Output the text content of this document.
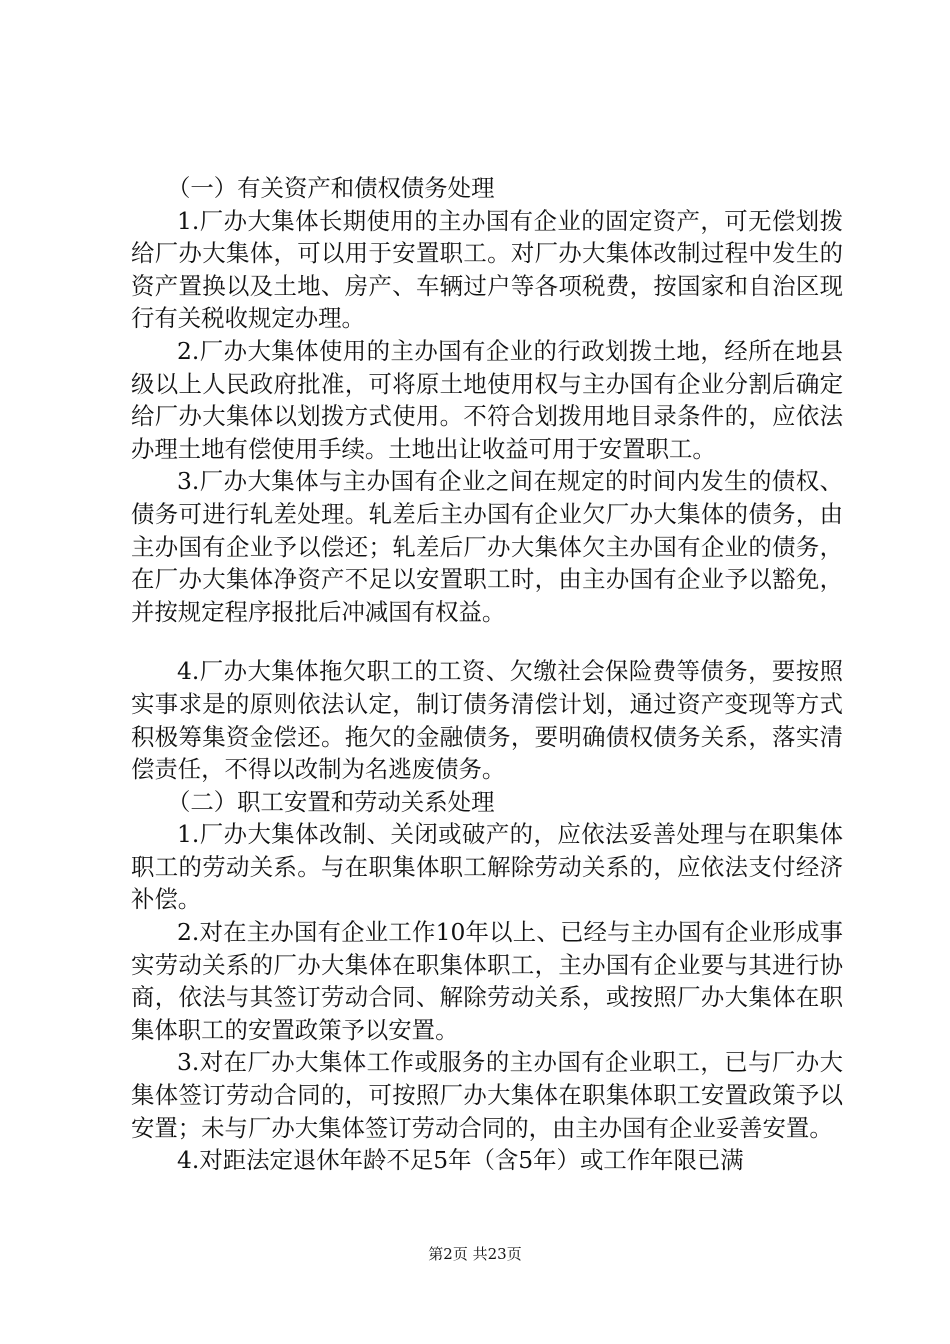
（一）有关资产和债权债务处理

1.厂办大集体长期使用的主办国有企业的固定资产，可无偿划拨给厂办大集体，可以用于安置职工。对厂办大集体改制过程中发生的资产置换以及土地、房产、车辆过户等各项税费，按国家和自治区现行有关税收规定办理。

2.厂办大集体使用的主办国有企业的行政划拨土地，经所在地县级以上人民政府批准，可将原土地使用权与主办国有企业分割后确定给厂办大集体以划拨方式使用。不符合划拨用地目录条件的，应依法办理土地有偿使用手续。土地出让收益可用于安置职工。

3.厂办大集体与主办国有企业之间在规定的时间内发生的债权、债务可进行轧差处理。轧差后主办国有企业欠厂办大集体的债务，由主办国有企业予以偿还；轧差后厂办大集体欠主办国有企业的债务，在厂办大集体净资产不足以安置职工时，由主办国有企业予以豁免，并按规定程序报批后冲减国有权益。

4.厂办大集体拖欠职工的工资、欠缴社会保险费等债务，要按照实事求是的原则依法认定，制订债务清偿计划，通过资产变现等方式积极筹集资金偿还。拖欠的金融债务，要明确债权债务关系，落实清偿责任，不得以改制为名逃废债务。

（二）职工安置和劳动关系处理

1.厂办大集体改制、关闭或破产的，应依法妥善处理与在职集体职工的劳动关系。与在职集体职工解除劳动关系的，应依法支付经济补偿。

2.对在主办国有企业工作10年以上、已经与主办国有企业形成事实劳动关系的厂办大集体在职集体职工，主办国有企业要与其进行协商，依法与其签订劳动合同、解除劳动关系，或按照厂办大集体在职集体职工的安置政策予以安置。

3.对在厂办大集体工作或服务的主办国有企业职工，已与厂办大集体签订劳动合同的，可按照厂办大集体在职集体职工安置政策予以安置；未与厂办大集体签订劳动合同的，由主办国有企业妥善安置。

4.对距法定退休年龄不足5年（含5年）或工作年限已满

第2页 共23页
